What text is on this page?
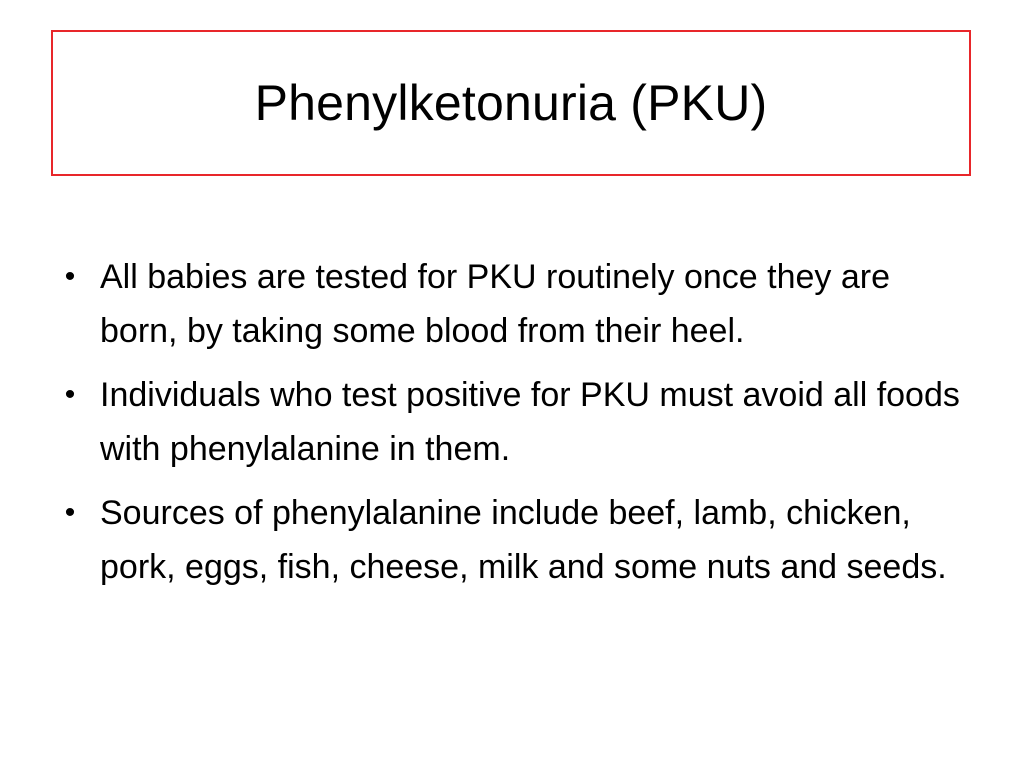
Phenylketonuria (PKU)
• All babies are tested for PKU routinely once they are born, by taking some blood from their heel.
• Individuals who test positive for PKU must avoid all foods with phenylalanine in them.
• Sources of phenylalanine include beef, lamb, chicken, pork, eggs, fish, cheese, milk and some nuts and seeds.
